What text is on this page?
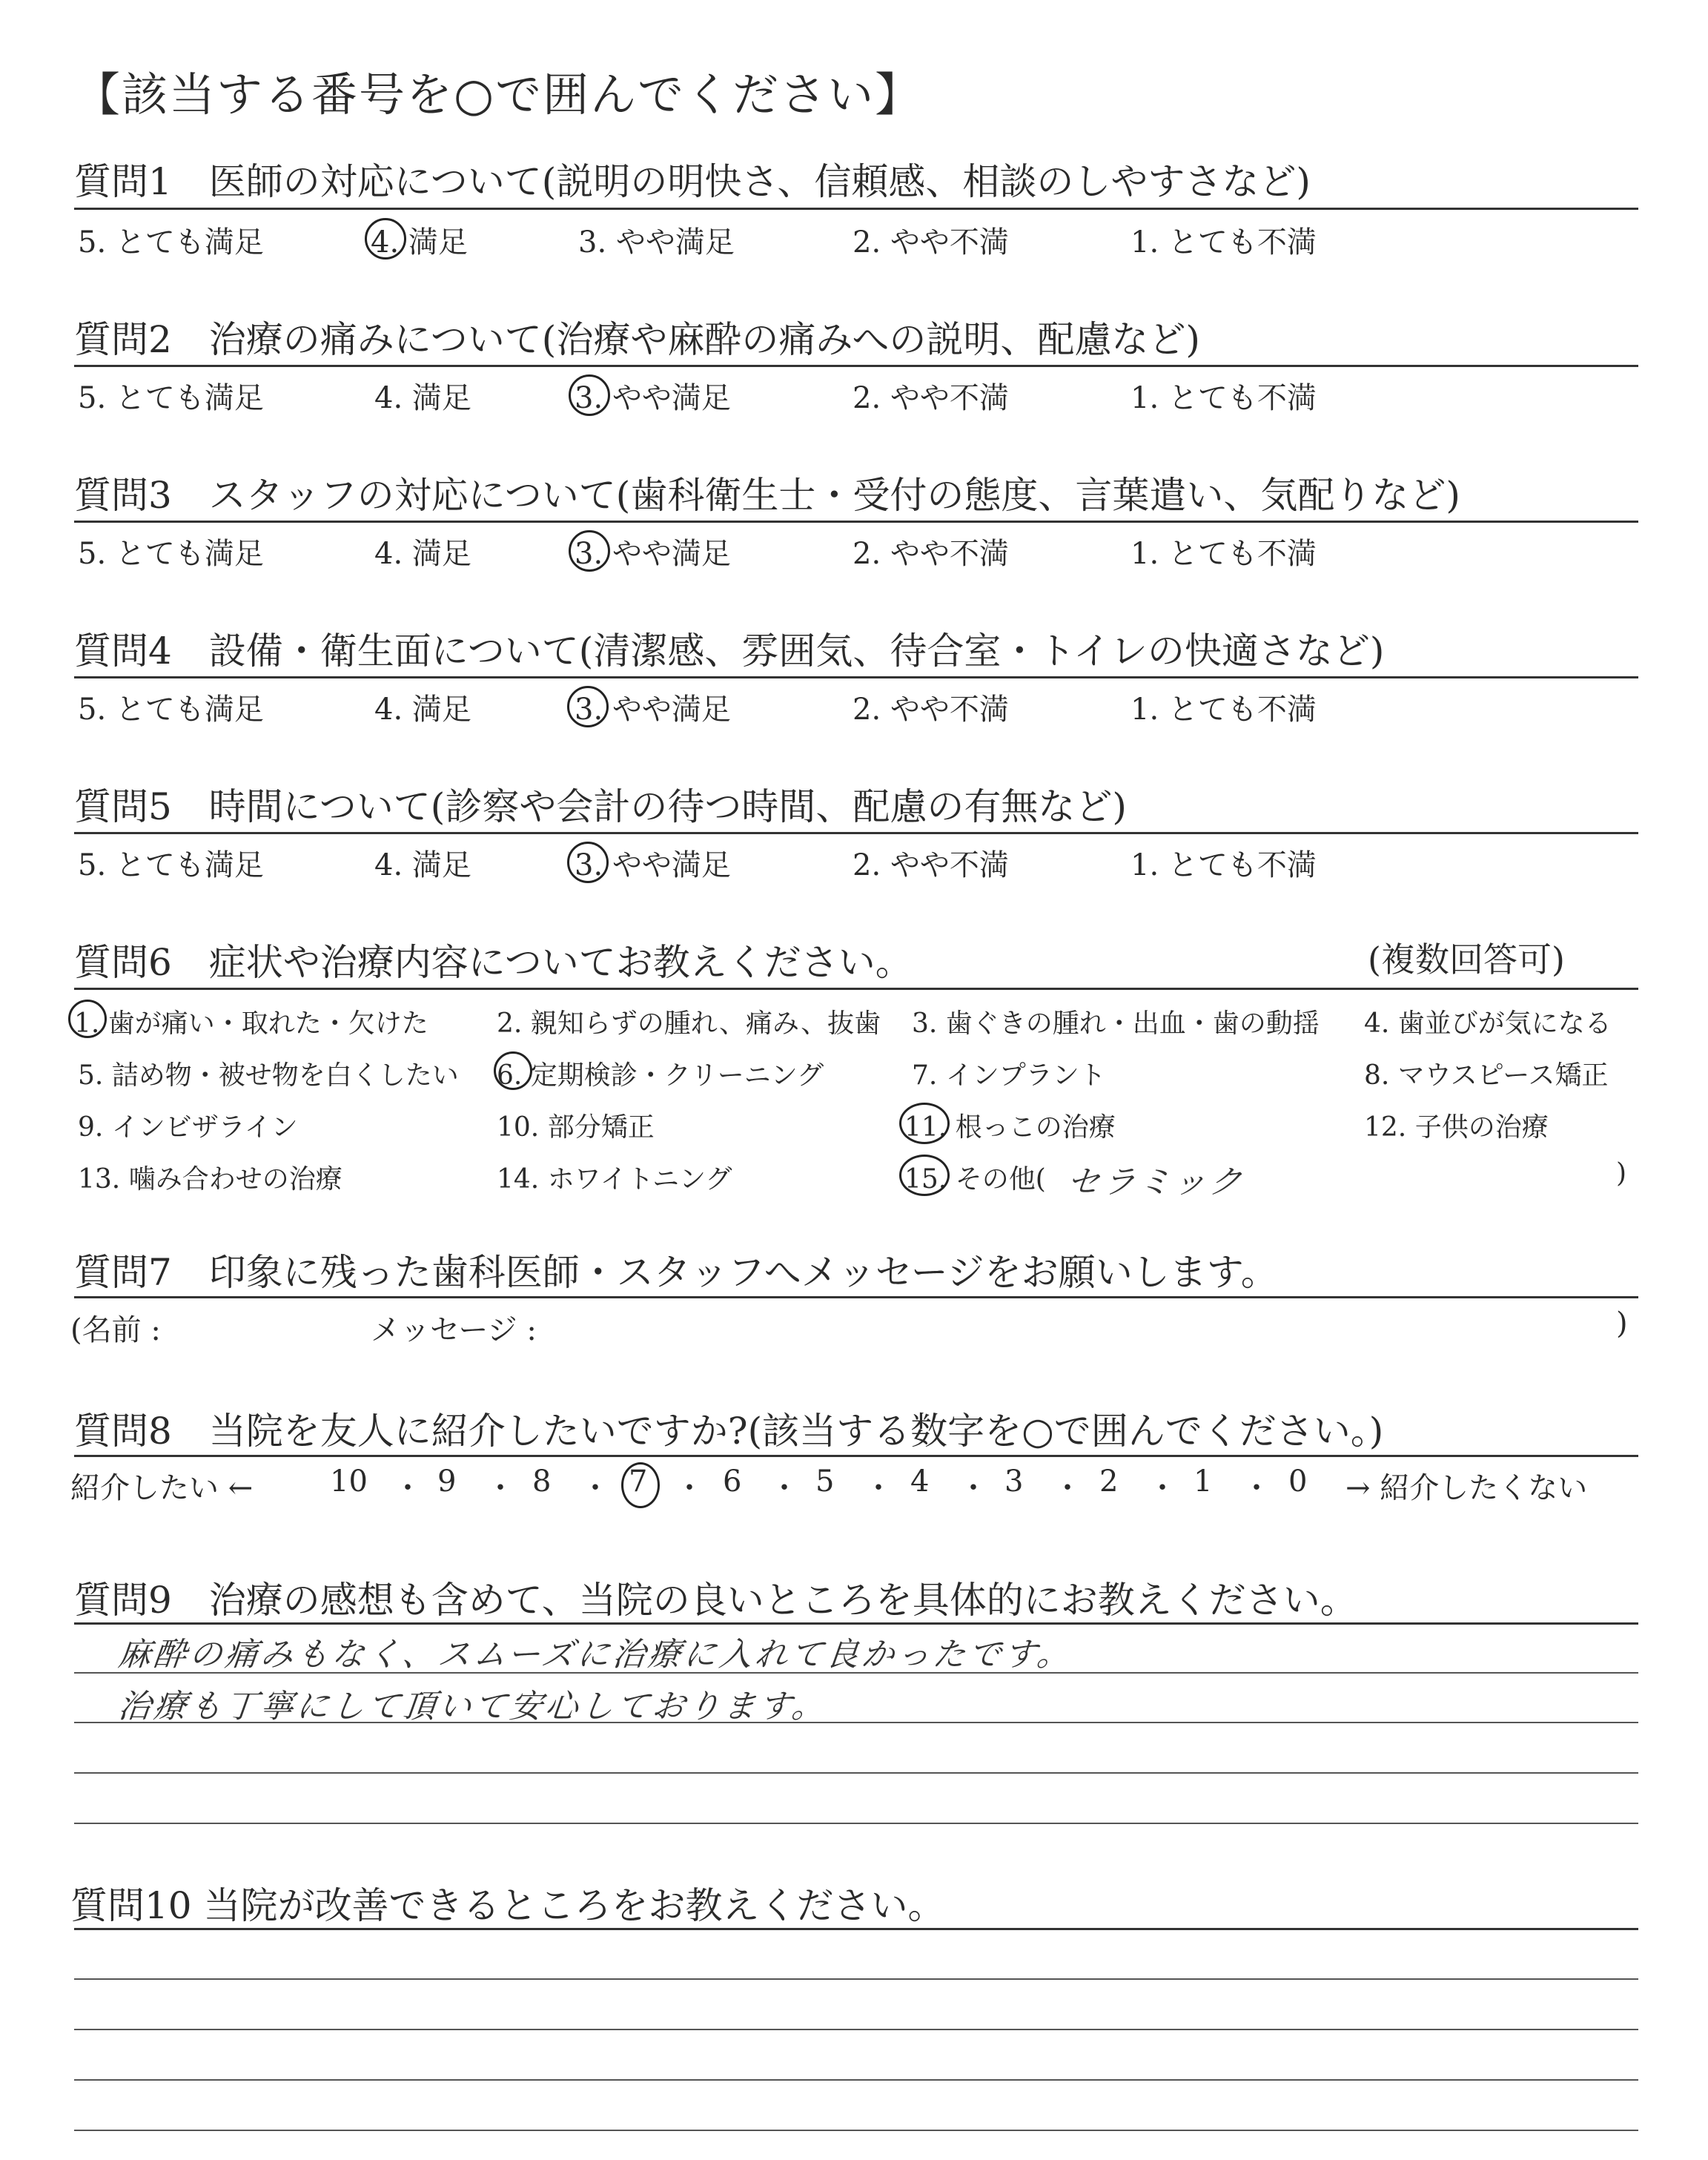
【該当する番号を○で囲んでください】
質問1　医師の対応について(説明の明快さ、信頼感、相談のしやすさなど)
5. とても満足	4. 満足	3. やや満足	2. やや不満	1. とても不満
質問2　治療の痛みについて(治療や麻酔の痛みへの説明、配慮など)
5. とても満足	4. 満足	3. やや満足	2. やや不満	1. とても不満
質問3　スタッフの対応について(歯科衛生士・受付の態度、言葉遣い、気配りなど)
5. とても満足	4. 満足	3. やや満足	2. やや不満	1. とても不満
質問4　設備・衛生面について(清潔感、雰囲気、待合室・トイレの快適さなど)
5. とても満足	4. 満足	3. やや満足	2. やや不満	1. とても不満
質問5　時間について(診察や会計の待つ時間、配慮の有無など)
5. とても満足	4. 満足	3. やや満足	2. やや不満	1. とても不満
質問6　症状や治療内容についてお教えください。	(複数回答可)
1. 歯が痛い・取れた・欠けた	2. 親知らずの腫れ、痛み、抜歯 3. 歯ぐきの腫れ・出血・歯の動揺 4. 歯並びが気になる
5. 詰め物・被せ物を白くしたい 6. 定期検診・クリーニング	7. インプラント	8. マウスピース矯正
9. インビザライン	10. 部分矯正	11. 根っこの治療	12. 子供の治療
13. 噛み合わせの治療	14. ホワイトニング	15. その他( セラミック	)
質問7　印象に残った歯科医師・スタッフへメッセージをお願いします。
(名前 :	メッセージ :	)
質問8　当院を友人に紹介したいですか?(該当する数字を○で囲んでください。)
紹介したい ←	10 9	8	7	6 5	4	3	2	1	0
・ ・ ・ ・ ・ ・ ・ ・ ・ ・	→ 紹介したくない
質問9　治療の感想も含めて、当院の良いところを具体的にお教えください。
麻酔の痛みもなく、スムーズに治療に入れて良かったです。
治療も丁寧にして頂いて安心しております。
質問10 当院が改善できるところをお教えください。
